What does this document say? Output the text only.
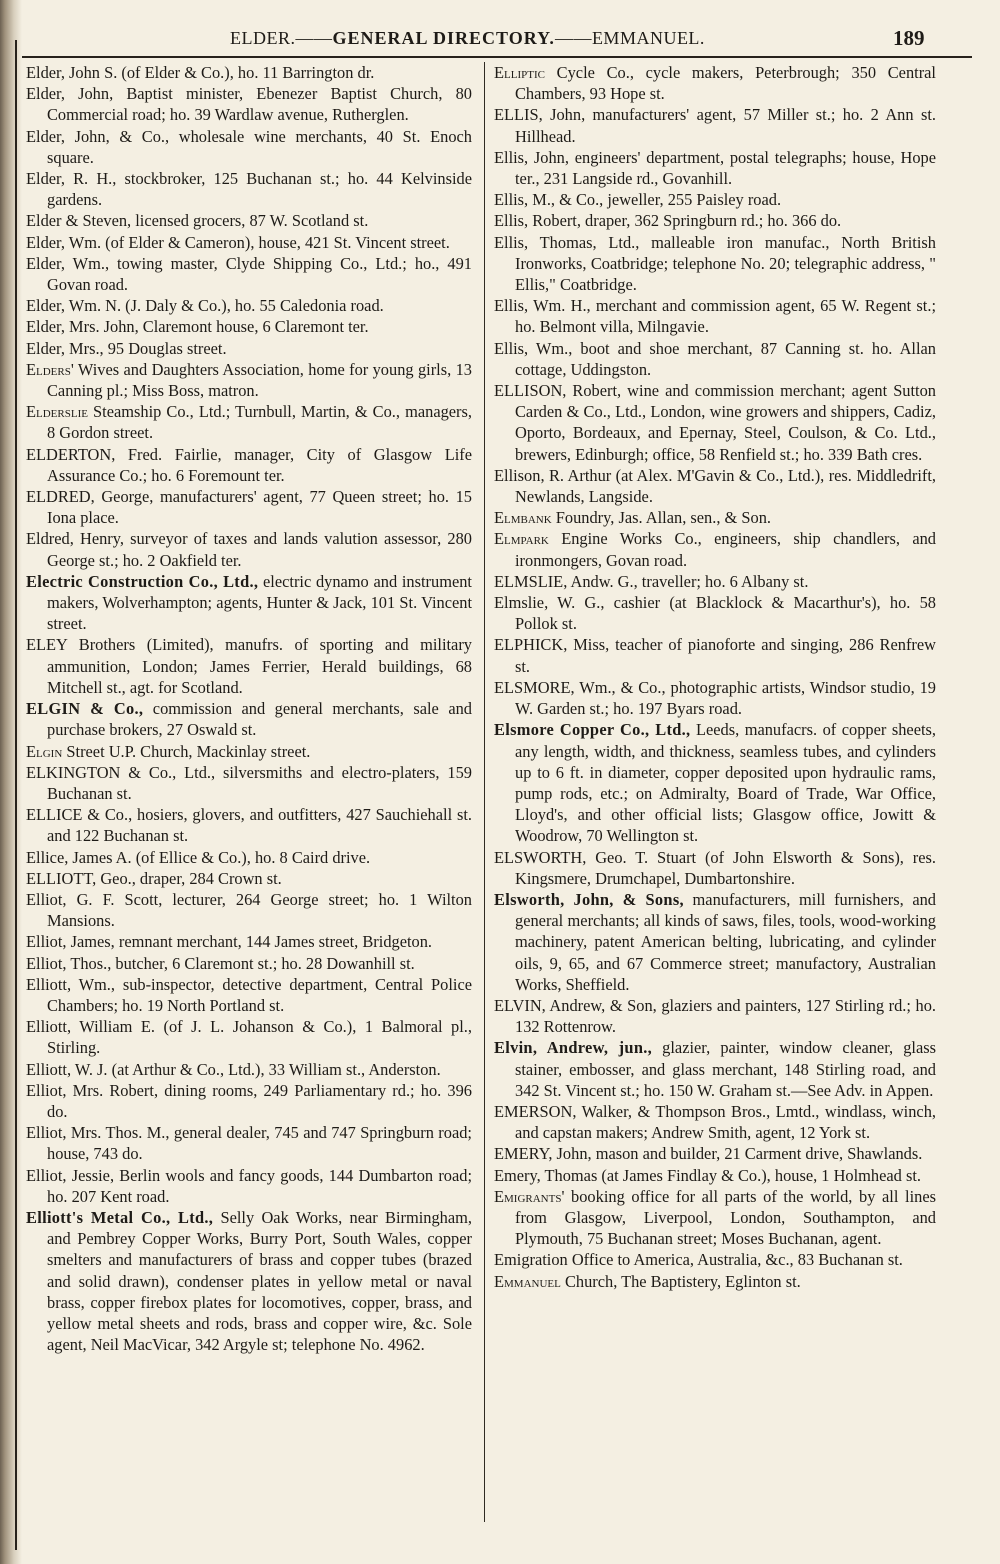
ELDER.——GENERAL DIRECTORY.——EMMANUEL.	189

Elder, John S. (of Elder & Co.), ho. 11 Barrington dr.

Elder, John, Baptist minister, Ebenezer Baptist Church, 80 Commercial road; ho. 39 Wardlaw avenue, Rutherglen.

Elder, John, & Co., wholesale wine merchants, 40 St. Enoch square.

Elder, R. H., stockbroker, 125 Buchanan st.; ho. 44 Kelvinside gardens.

Elder & Steven, licensed grocers, 87 W. Scotland st.

Elder, Wm. (of Elder & Cameron), house, 421 St. Vincent street.

Elder, Wm., towing master, Clyde Shipping Co., Ltd.; ho., 491 Govan road.

Elder, Wm. N. (J. Daly & Co.), ho. 55 Caledonia road.

Elder, Mrs. John, Claremont house, 6 Claremont ter.

Elder, Mrs., 95 Douglas street.

Elders' Wives and Daughters Association, home for young girls, 13 Canning pl.; Miss Boss, matron.

Elderslie Steamship Co., Ltd.; Turnbull, Martin, & Co., managers, 8 Gordon street.

ELDERTON, Fred. Fairlie, manager, City of Glasgow Life Assurance Co.; ho. 6 Foremount ter.

ELDRED, George, manufacturers' agent, 77 Queen street; ho. 15 Iona place.

Eldred, Henry, surveyor of taxes and lands valution assessor, 280 George st.; ho. 2 Oakfield ter.

Electric Construction Co., Ltd., electric dynamo and instrument makers, Wolverhampton; agents, Hunter & Jack, 101 St. Vincent street.

ELEY Brothers (Limited), manufrs. of sporting and military ammunition, London; James Ferrier, Herald buildings, 68 Mitchell st., agt. for Scotland.

ELGIN & Co., commission and general merchants, sale and purchase brokers, 27 Oswald st.

Elgin Street U.P. Church, Mackinlay street.

ELKINGTON & Co., Ltd., silversmiths and electro-platers, 159 Buchanan st.

ELLICE & Co., hosiers, glovers, and outfitters, 427 Sauchiehall st. and 122 Buchanan st.

Ellice, James A. (of Ellice & Co.), ho. 8 Caird drive.

ELLIOTT, Geo., draper, 284 Crown st.

Elliot, G. F. Scott, lecturer, 264 George street; ho. 1 Wilton Mansions.

Elliot, James, remnant merchant, 144 James street, Bridgeton.

Elliot, Thos., butcher, 6 Claremont st.; ho. 28 Dowanhill st.

Elliott, Wm., sub-inspector, detective department, Central Police Chambers; ho. 19 North Portland st.

Elliott, William E. (of J. L. Johanson & Co.), 1 Balmoral pl., Stirling.

Elliott, W. J. (at Arthur & Co., Ltd.), 33 William st., Anderston.

Elliot, Mrs. Robert, dining rooms, 249 Parliamentary rd.; ho. 396 do.

Elliot, Mrs. Thos. M., general dealer, 745 and 747 Springburn road; house, 743 do.

Elliot, Jessie, Berlin wools and fancy goods, 144 Dumbarton road; ho. 207 Kent road.

Elliott's Metal Co., Ltd., Selly Oak Works, near Birmingham, and Pembrey Copper Works, Burry Port, South Wales, copper smelters and manufacturers of brass and copper tubes (brazed and solid drawn), condenser plates in yellow metal or naval brass, copper firebox plates for locomotives, copper, brass, and yellow metal sheets and rods, brass and copper wire, &c. Sole agent, Neil MacVicar, 342 Argyle st; telephone No. 4962.

Elliptic Cycle Co., cycle makers, Peterbrough; 350 Central Chambers, 93 Hope st.

ELLIS, John, manufacturers' agent, 57 Miller st.; ho. 2 Ann st. Hillhead.

Ellis, John, engineers' department, postal telegraphs; house, Hope ter., 231 Langside rd., Govanhill.

Ellis, M., & Co., jeweller, 255 Paisley road.

Ellis, Robert, draper, 362 Springburn rd.; ho. 366 do.

Ellis, Thomas, Ltd., malleable iron manufac., North British Ironworks, Coatbridge; telephone No. 20; telegraphic address, " Ellis," Coatbridge.

Ellis, Wm. H., merchant and commission agent, 65 W. Regent st.; ho. Belmont villa, Milngavie.

Ellis, Wm., boot and shoe merchant, 87 Canning st. ho. Allan cottage, Uddingston.

ELLISON, Robert, wine and commission merchant; agent Sutton Carden & Co., Ltd., London, wine growers and shippers, Cadiz, Oporto, Bordeaux, and Epernay, Steel, Coulson, & Co. Ltd., brewers, Edinburgh; office, 58 Renfield st.; ho. 339 Bath cres.

Ellison, R. Arthur (at Alex. M'Gavin & Co., Ltd.), res. Middledrift, Newlands, Langside.

Elmbank Foundry, Jas. Allan, sen., & Son.

Elmpark Engine Works Co., engineers, ship chandlers, and ironmongers, Govan road.

ELMSLIE, Andw. G., traveller; ho. 6 Albany st.

Elmslie, W. G., cashier (at Blacklock & Macarthur's), ho. 58 Pollok st.

ELPHICK, Miss, teacher of pianoforte and singing, 286 Renfrew st.

ELSMORE, Wm., & Co., photographic artists, Windsor studio, 19 W. Garden st.; ho. 197 Byars road.

Elsmore Copper Co., Ltd., Leeds, manufacrs. of copper sheets, any length, width, and thickness, seamless tubes, and cylinders up to 6 ft. in diameter, copper deposited upon hydraulic rams, pump rods, etc.; on Admiralty, Board of Trade, War Office, Lloyd's, and other official lists; Glasgow office, Jowitt & Woodrow, 70 Wellington st.

ELSWORTH, Geo. T. Stuart (of John Elsworth & Sons), res. Kingsmere, Drumchapel, Dumbartonshire.

Elsworth, John, & Sons, manufacturers, mill furnishers, and general merchants; all kinds of saws, files, tools, wood-working machinery, patent American belting, lubricating, and cylinder oils, 9, 65, and 67 Commerce street; manufactory, Australian Works, Sheffield.

ELVIN, Andrew, & Son, glaziers and painters, 127 Stirling rd.; ho. 132 Rottenrow.

Elvin, Andrew, jun., glazier, painter, window cleaner, glass stainer, embosser, and glass merchant, 148 Stirling road, and 342 St. Vincent st.; ho. 150 W. Graham st.—See Adv. in Appen.

EMERSON, Walker, & Thompson Bros., Lmtd., windlass, winch, and capstan makers; Andrew Smith, agent, 12 York st.

EMERY, John, mason and builder, 21 Carment drive, Shawlands.

Emery, Thomas (at James Findlay & Co.), house, 1 Holmhead st.

Emigrants' booking office for all parts of the world, by all lines from Glasgow, Liverpool, London, Southampton, and Plymouth, 75 Buchanan street; Moses Buchanan, agent.

Emigration Office to America, Australia, &c., 83 Buchanan st.

Emmanuel Church, The Baptistery, Eglinton st.
